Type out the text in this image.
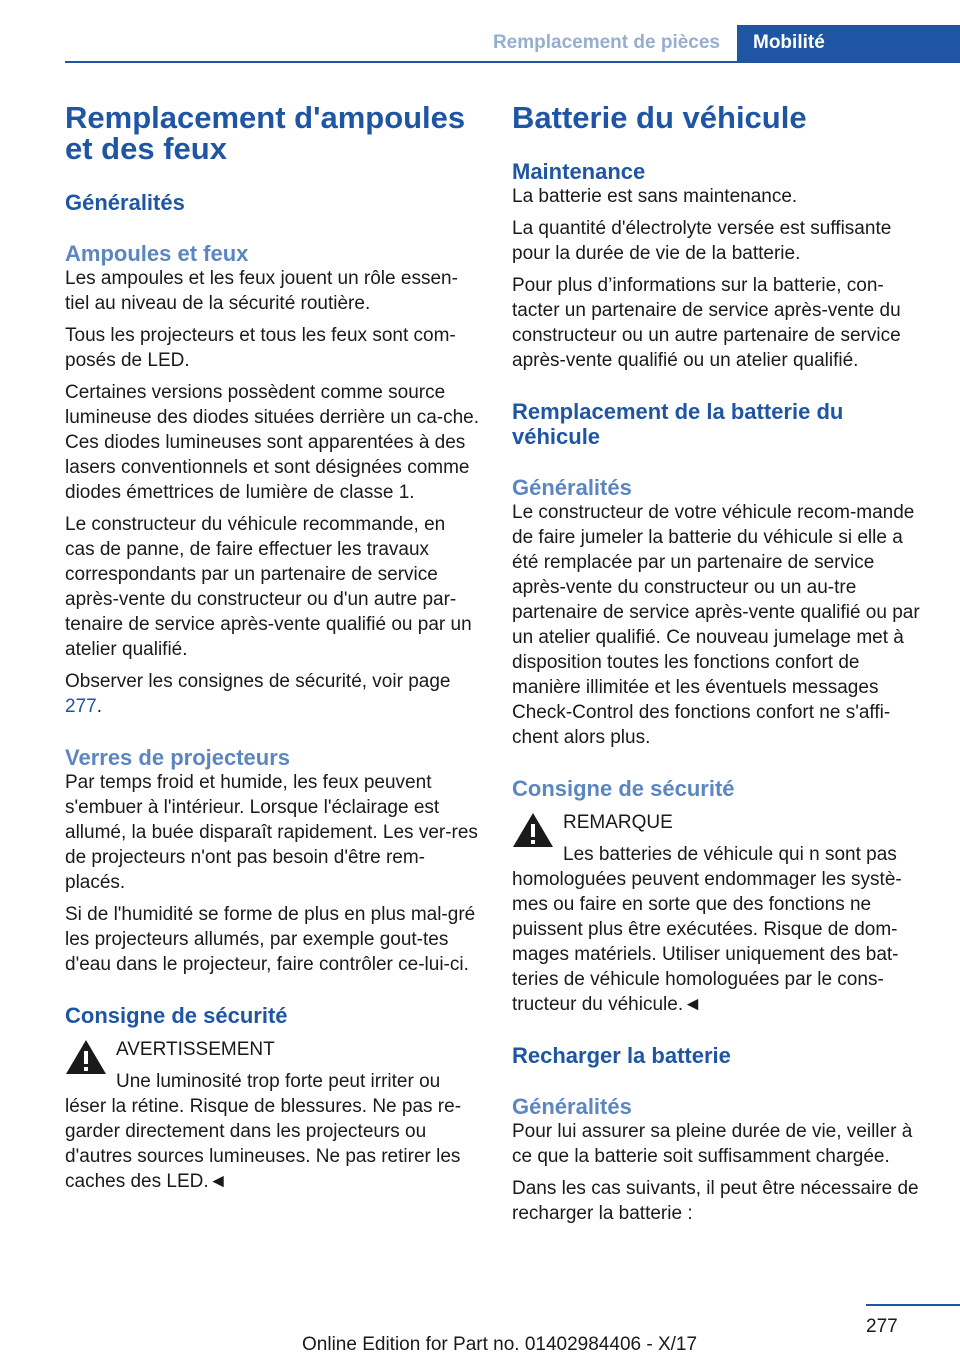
Remplacement de pièces	Mobilité
Remplacement d'ampoules et des feux
Généralités
Ampoules et feux

Les ampoules et les feux jouent un rôle essen-tiel au niveau de la sécurité routière.

Tous les projecteurs et tous les feux sont com-posés de LED.

Certaines versions possèdent comme source lumineuse des diodes situées derrière un ca-che. Ces diodes lumineuses sont apparentées à des lasers conventionnels et sont désignées comme diodes émettrices de lumière de classe 1.

Le constructeur du véhicule recommande, en cas de panne, de faire effectuer les travaux correspondants par un partenaire de service après-vente du constructeur ou d'un autre par-tenaire de service après-vente qualifié ou par un atelier qualifié.

Observer les consignes de sécurité, voir page 277.

Verres de projecteurs

Par temps froid et humide, les feux peuvent s'embuer à l'intérieur. Lorsque l'éclairage est allumé, la buée disparaît rapidement. Les ver-res de projecteurs n'ont pas besoin d'être rem-placés.

Si de l'humidité se forme de plus en plus mal-gré les projecteurs allumés, par exemple gout-tes d'eau dans le projecteur, faire contrôler ce-lui-ci.

Consigne de sécurité

AVERTISSEMENT

Une luminosité trop forte peut irriter ou léser la rétine. Risque de blessures. Ne pas re-garder directement dans les projecteurs ou d'autres sources lumineuses. Ne pas retirer les caches des LED.◄

Batterie du véhicule
Maintenance

La batterie est sans maintenance.

La quantité d'électrolyte versée est suffisante pour la durée de vie de la batterie.

Pour plus d’informations sur la batterie, con-tacter un partenaire de service après-vente du constructeur ou un autre partenaire de service après-vente qualifié ou un atelier qualifié.

Remplacement de la batterie du véhicule
Généralités

Le constructeur de votre véhicule recom-mande de faire jumeler la batterie du véhicule si elle a été remplacée par un partenaire de service après-vente du constructeur ou un au-tre partenaire de service après-vente qualifié ou par un atelier qualifié. Ce nouveau jumelage met à disposition toutes les fonctions confort de manière illimitée et les éventuels messages Check-Control des fonctions confort ne s'affi-chent alors plus.

Consigne de sécurité

REMARQUE

Les batteries de véhicule qui n sont pas homologuées peuvent endommager les systè-mes ou faire en sorte que des fonctions ne puissent plus être exécutées. Risque de dom-mages matériels. Utiliser uniquement des bat-teries de véhicule homologuées par le cons-tructeur du véhicule.◄

Recharger la batterie
Généralités

Pour lui assurer sa pleine durée de vie, veiller à ce que la batterie soit suffisamment chargée.

Dans les cas suivants, il peut être nécessaire de recharger la batterie :

277
Online Edition for Part no. 01402984406 - X/17
